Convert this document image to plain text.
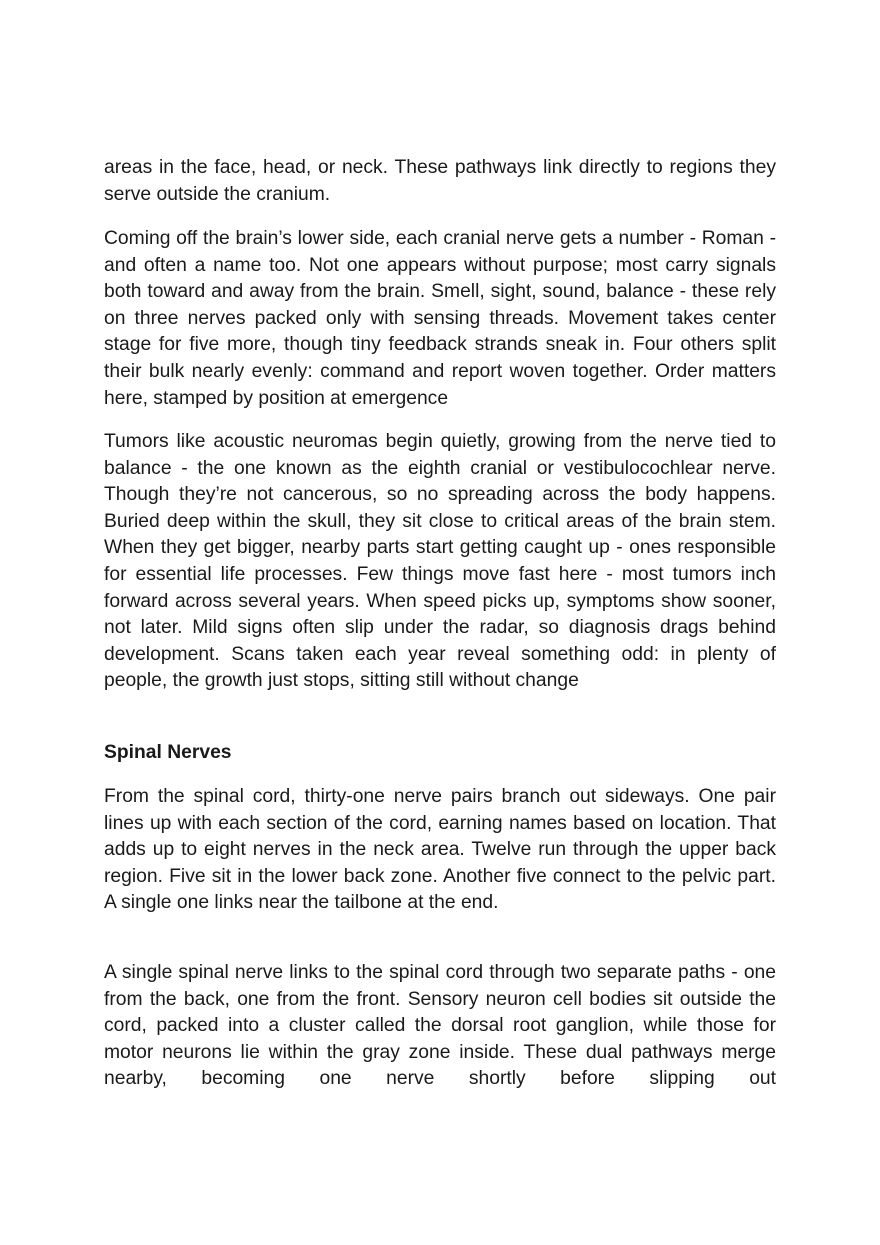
areas in the face, head, or neck. These pathways link directly to regions they serve outside the cranium.

Coming off the brain’s lower side, each cranial nerve gets a number - Roman - and often a name too. Not one appears without purpose; most carry signals both toward and away from the brain. Smell, sight, sound, balance - these rely on three nerves packed only with sensing threads. Movement takes center stage for five more, though tiny feedback strands sneak in. Four others split their bulk nearly evenly: command and report woven together. Order matters here, stamped by position at emergence

Tumors like acoustic neuromas begin quietly, growing from the nerve tied to balance - the one known as the eighth cranial or vestibulocochlear nerve. Though they’re not cancerous, so no spreading across the body happens. Buried deep within the skull, they sit close to critical areas of the brain stem. When they get bigger, nearby parts start getting caught up - ones responsible for essential life processes. Few things move fast here - most tumors inch forward across several years. When speed picks up, symptoms show sooner, not later. Mild signs often slip under the radar, so diagnosis drags behind development. Scans taken each year reveal something odd: in plenty of people, the growth just stops, sitting still without change

Spinal Nerves

From the spinal cord, thirty-one nerve pairs branch out sideways. One pair lines up with each section of the cord, earning names based on location. That adds up to eight nerves in the neck area. Twelve run through the upper back region. Five sit in the lower back zone. Another five connect to the pelvic part. A single one links near the tailbone at the end.

A single spinal nerve links to the spinal cord through two separate paths - one from the back, one from the front. Sensory neuron cell bodies sit outside the cord, packed into a cluster called the dorsal root ganglion, while those for motor neurons lie within the gray zone inside. These dual pathways merge nearby, becoming one nerve shortly before slipping out
